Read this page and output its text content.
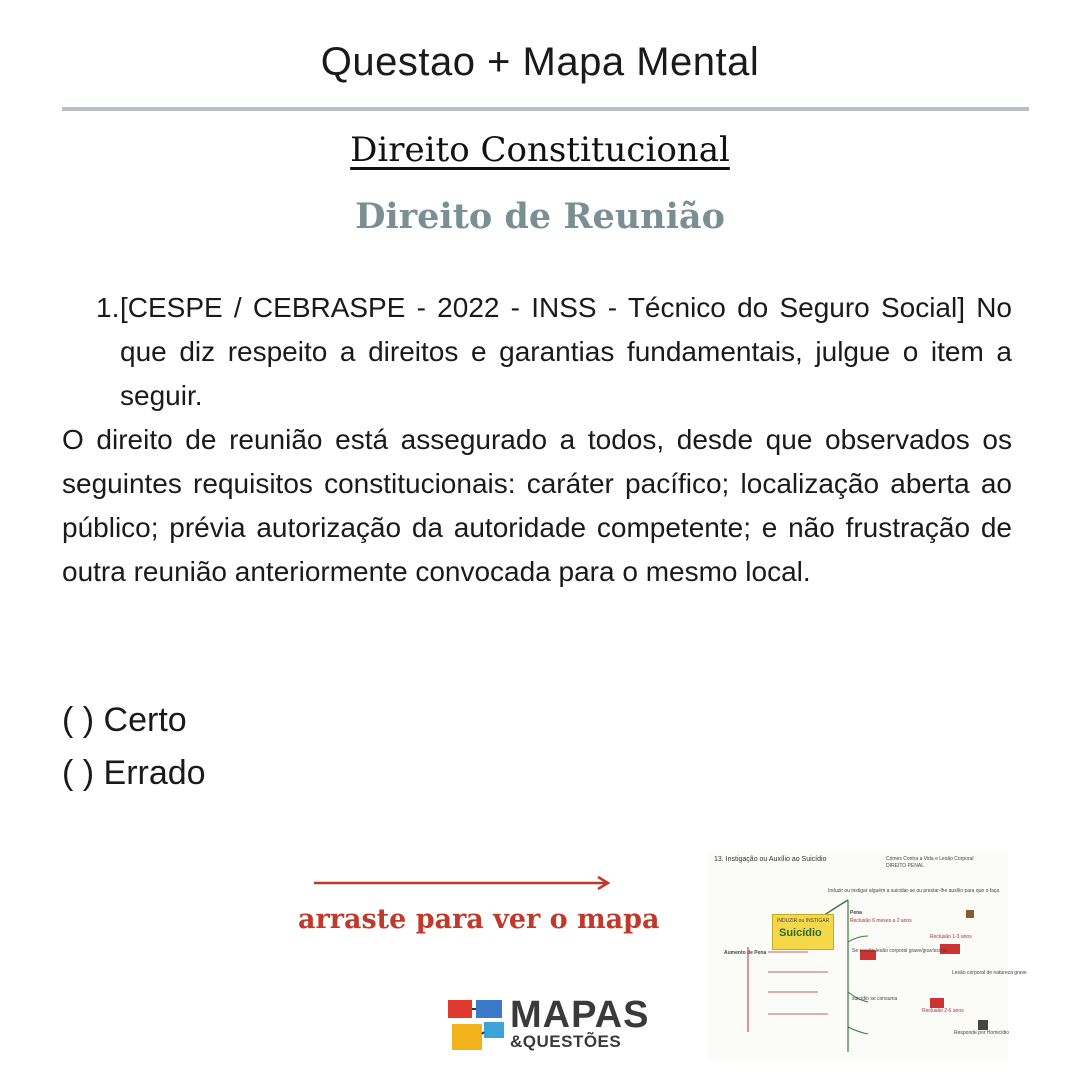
Questao + Mapa Mental
Direito Constitucional
Direito de Reunião
1. [CESPE / CEBRASPE - 2022 - INSS - Técnico do Seguro Social] No que diz respeito a direitos e garantias fundamentais, julgue o item a seguir.
O direito de reunião está assegurado a todos, desde que observados os seguintes requisitos constitucionais: caráter pacífico; localização aberta ao público; prévia autorização da autoridade competente; e não frustração de outra reunião anteriormente convocada para o mesmo local.
( ) Certo
( ) Errado
arraste para ver o mapa
MAPAS
&QUESTÕES
13. Instigação ou Auxílio ao Suicídio	Crimes Contra a Vida e Lesão Corporal
DIREITO PENAL
Induzir ou instigar alguém a suicidar-se ou prestar-lhe auxílio para que o faça
INDUZIR ou INSTIGAR
Suicídio
Pena
Reclusão 6 meses a 2 anos
Aumento de Pena
Reclusão 1-3 anos
Se resulta lesão corporal grave/gravíssima
suicídio se consuma
Reclusão 2-6 anos
Responde por Homicídio
Lesão corporal de natureza grave
